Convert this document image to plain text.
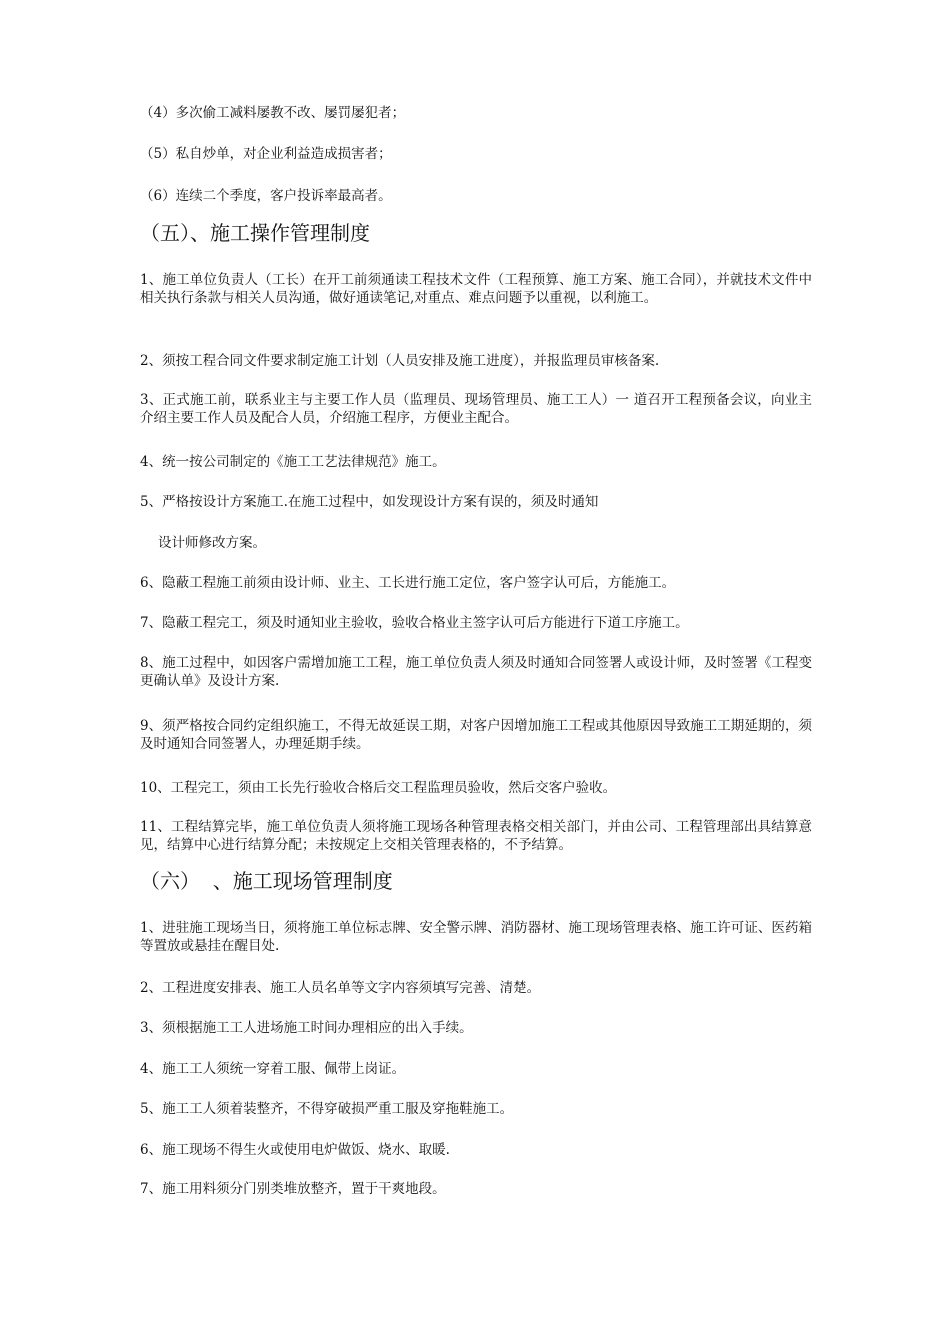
（4）多次偷工减料屡教不改、屡罚屡犯者；

（5）私自炒单，对企业利益造成损害者；

（6）连续二个季度，客户投诉率最高者。

（五）、施工操作管理制度

1、施工单位负责人（工长）在开工前须通读工程技术文件（工程预算、施工方案、施工合同），并就技术文件中相关执行条款与相关人员沟通，做好通读笔记,对重点、难点问题予以重视，以利施工。

2、须按工程合同文件要求制定施工计划（人员安排及施工进度），并报监理员审核备案.

3、正式施工前，联系业主与主要工作人员（监理员、现场管理员、施工工人）一 道召开工程预备会议，向业主介绍主要工作人员及配合人员，介绍施工程序，方便业主配合。

4、统一按公司制定的《施工工艺法律规范》施工。

5、严格按设计方案施工.在施工过程中，如发现设计方案有误的，须及时通知

设计师修改方案。

6、隐蔽工程施工前须由设计师、业主、工长进行施工定位，客户签字认可后，方能施工。

7、隐蔽工程完工，须及时通知业主验收，验收合格业主签字认可后方能进行下道工序施工。

8、施工过程中，如因客户需增加施工工程，施工单位负责人须及时通知合同签署人或设计师，及时签署《工程变更确认单》及设计方案.

9、须严格按合同约定组织施工，不得无故延误工期，对客户因增加施工工程或其他原因导致施工工期延期的，须及时通知合同签署人，办理延期手续。

10、工程完工，须由工长先行验收合格后交工程监理员验收，然后交客户验收。

11、工程结算完毕，施工单位负责人须将施工现场各种管理表格交相关部门，并由公司、工程管理部出具结算意见，结算中心进行结算分配；未按规定上交相关管理表格的，不予结算。

（六）  、施工现场管理制度

1、进驻施工现场当日，须将施工单位标志牌、安全警示牌、消防器材、施工现场管理表格、施工许可证、医药箱等置放或悬挂在醒目处.

2、工程进度安排表、施工人员名单等文字内容须填写完善、清楚。

3、须根据施工工人进场施工时间办理相应的出入手续。

4、施工工人须统一穿着工服、佩带上岗证。

5、施工工人须着装整齐，不得穿破损严重工服及穿拖鞋施工。

6、施工现场不得生火或使用电炉做饭、烧水、取暖.

7、施工用料须分门别类堆放整齐，置于干爽地段。
